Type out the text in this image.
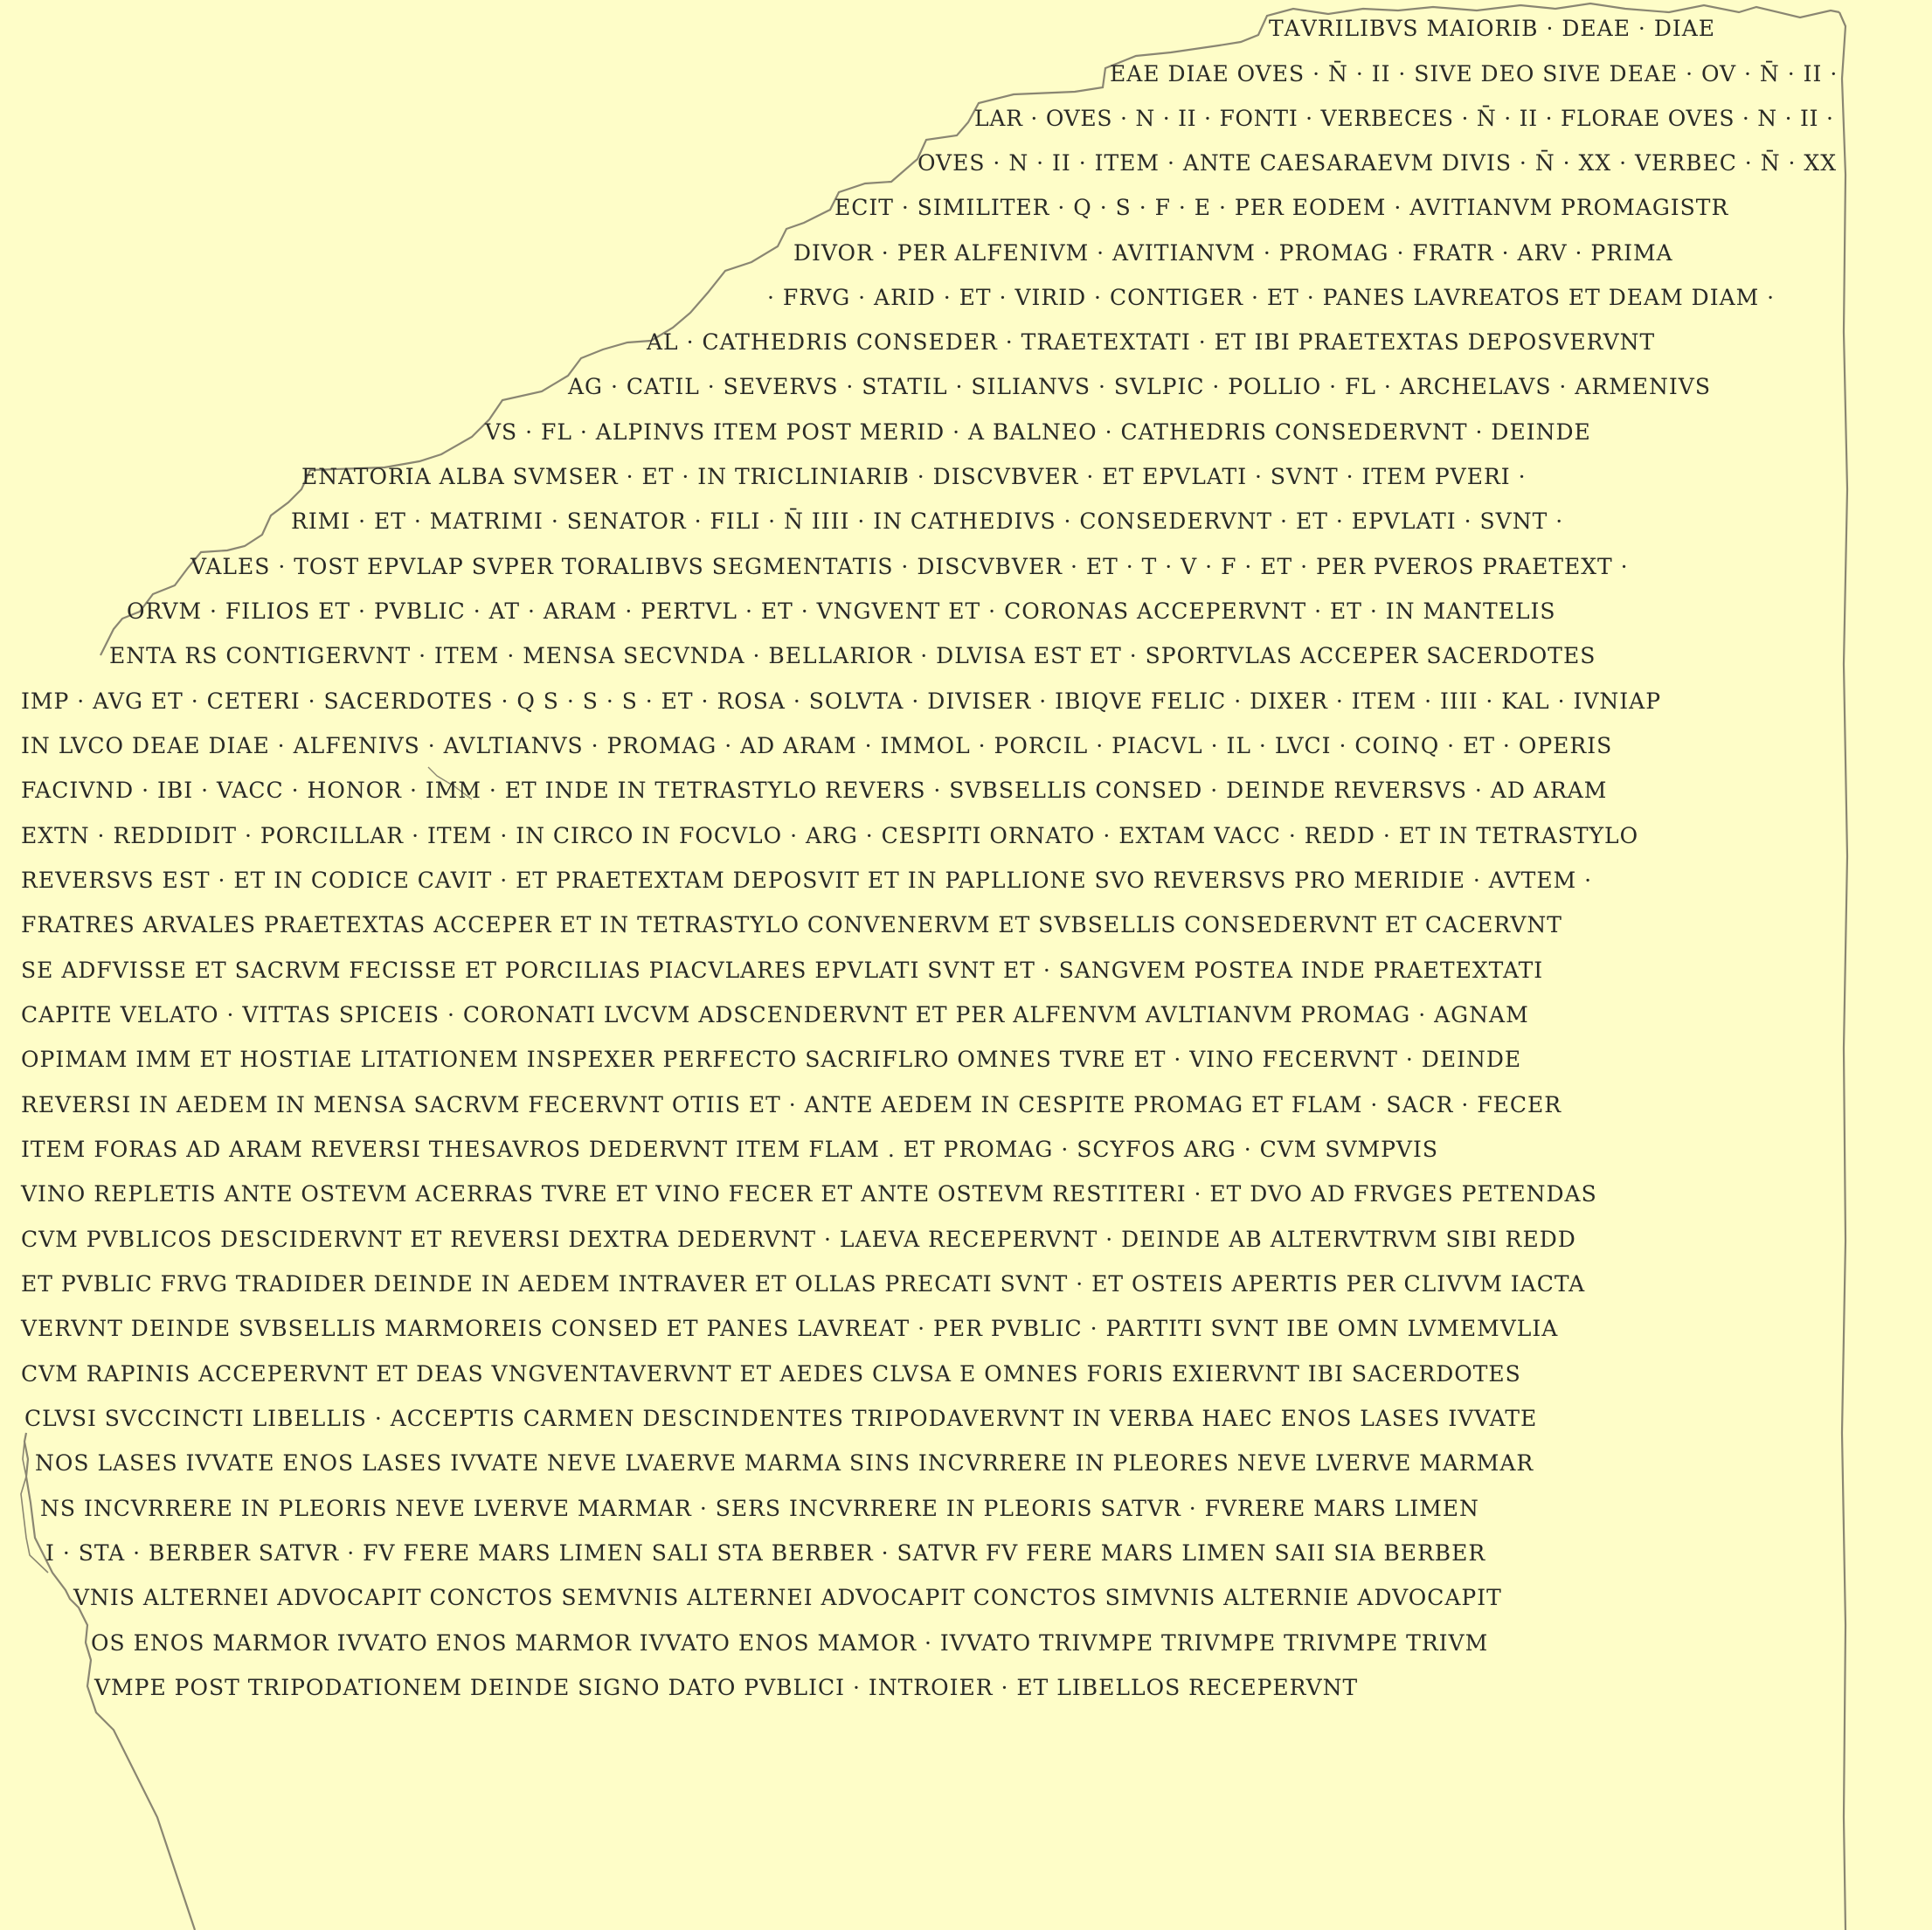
ΤΑVRILIBVS MAIORIB · DEAE · DIAE
EAE DIAE OVES · N̄ · II · SIVE DEO SIVE DEAE · OV · N̄ · II ·
LAR · OVES · N · II · FONTI · VERBECES · N̄ · II · FLORAE OVES · N · II ·
OVES · N · II · ITEM · ANTE CAESARAEVM DIVIS · N̄ · XX · VERBEC · N̄ · XX
ECIT · SIMILITER · Q · S · F · E · PER EODEM · AVITIANVM PROMAGISTR
DIVOR · PER ALFENIVM · AVITIANVM · PROMAG · FRATR · ARV · PRIMA
· FRVG · ARID · ET · VIRID · CONTIGER · ET · PANES LAVREATOS ET DEAM DIAM ·
AL · CATHEDRIS CONSEDER · TRAETEXTATI · ET IBI PRAETEXTAS DEPOSVERVNT
AG · CATIL · SEVERVS · STATIL · SILIANVS · SVLPIC · POLLIO · FL · ARCHELAVS · ARMENIVS
VS · FL · ALPINVS ITEM POST MERID · A BALNEO · CATHEDRIS CONSEDERVNT · DEINDE
ENATORIA ALBA SVMSER · ET · IN TRICLINIARIB · DISCVBVER · ET EPVLATI · SVNT · ITEM PVERI ·
RIMI · ET · MATRIMI · SENATOR · FILI · N̄ IIII · IN CATHEDIVS · CONSEDERVNT · ET · EPVLATI · SVNT ·
VALES · TOST EPVLAP SVPER TORALIBVS SEGMENTATIS · DISCVBVER · ET · T · V · F · ET · PER PVEROS PRAETEXT ·
ORVM · FILIOS ET · PVBLIC · AT · ARAM · PERTVL · ET · VNGVENT ET · CORONAS ACCEPERVNT · ET · IN MANTELIS
ENTA RS CONTIGERVNT · ITEM · MENSA SECVNDA · BELLARIOR · DLVISA EST ET · SPORTVLAS ACCEPER SACERDOTES
IMP · AVG ET · CETERI · SACERDOTES · Q S · S · S · ET · ROSA · SOLVTA · DIVISER · IBIQVE FELIC · DIXER · ITEM · IIII · KAL · IVNIAP
IN LVCO DEAE DIAE · ALFENIVS · AVLTIANVS · PROMAG · AD ARAM · IMMOL · PORCIL · PIACVL · IL · LVCI · COINQ · ET · OPERIS
FACIVND · IBI · VACC · HONOR · IMM · ET INDE IN TETRASTYLO REVERS · SVBSELLIS CONSED · DEINDE REVERSVS · AD ARAM
EXTN · REDDIDIT · PORCILLAR · ITEM · IN CIRCO IN FOCVLO · ARG · CESPITI ORNATO · EXTAM VACC · REDD · ET IN TETRASTYLO
REVERSVS EST · ET IN CODICE CAVIT · ET PRAETEXTAM DEPOSVIT ET IN PAPLLIONE SVO REVERSVS PRO MERIDIE · AVTEM ·
FRATRES ARVALES PRAETEXTAS ACCEPER ET IN TETRASTYLO CONVENERVM ET SVBSELLIS CONSEDERVNT ET CACERVNT
SE ADFVISSE ET SACRVM FECISSE ET PORCILIAS PIACVLARES EPVLATI SVNT ET · SANGVEM POSTEA INDE PRAETEXTATI
CAPITE VELATO · VITTAS SPICEIS · CORONATI LVCVM ADSCENDERVNT ET PER ALFENVM AVLTIANVM PROMAG · AGNAM
OPIMAM IMM ET HOSTIAE LITATIONEM INSPEXER PERFECTO SACRIFLRO OMNES TVRE ET · VINO FECERVNT · DEINDE
REVERSI IN AEDEM IN MENSA SACRVM FECERVNT OTIIS ET · ANTE AEDEM IN CESPITE PROMAG ET FLAM · SACR · FECER
ITEM FORAS AD ARAM REVERSI THESAVROS DEDERVNT ITEM FLAM . ET PROMAG · SCYFOS ARG · CVM SVMPVIS
VINO REPLETIS ANTE OSTEVM ACERRAS TVRE ET VINO FECER ET ANTE OSTEVM RESTITERI · ET DVO AD FRVGES PETENDAS
CVM PVBLICOS DESCIDERVNT ET REVERSI DEXTRA DEDERVNT · LAEVA RECEPERVNT · DEINDE AB ALTERVTRVM SIBI REDD
ET PVBLIC FRVG TRADIDER DEINDE IN AEDEM INTRAVER ET OLLAS PRECATI SVNT · ET OSTEIS APERTIS PER CLIVVM IACTA
VERVNT DEINDE SVBSELLIS MARMOREIS CONSED ET PANES LAVREAT · PER PVBLIC · PARTITI SVNT IBE OMN LVMEMVLIA
CVM RAPINIS ACCEPERVNT ET DEAS VNGVENTAVERVNT ET AEDES CLVSA E OMNES FORIS EXIERVNT IBI SACERDOTES
CLVSI SVCCINCTI LIBELLIS · ACCEPTIS CARMEN DESCINDENTES TRIPODAVERVNT IN VERBA HAEC ENOS LASES IVVATE
NOS LASES IVVATE ENOS LASES IVVATE NEVE LVAERVE MARMA SINS INCVRRERE IN PLEORES NEVE LVERVE MARMAR
NS INCVRRERE IN PLEORIS NEVE LVERVE MARMAR · SERS INCVRRERE IN PLEORIS SATVR · FVRERE MARS LIMEN
I · STA · BERBER SATVR · FV FERE MARS LIMEN SALI STA BERBER · SATVR FV FERE MARS LIMEN SAII SIA BERBER
VNIS ALTERNEI ADVOCAPIT CONCTOS SEMVNIS ALTERNEI ADVOCAPIT CONCTOS SIMVNIS ALTERNIE ADVOCAPIT
OS ENOS MARMOR IVVATO ENOS MARMOR IVVATO ENOS MAMOR · IVVATO TRIVMPE TRIVMPE TRIVMPE TRIVM
VMPE POST TRIPODATIONEM DEINDE SIGNO DATO PVBLICI · INTROIER · ET LIBELLOS RECEPERVNT
